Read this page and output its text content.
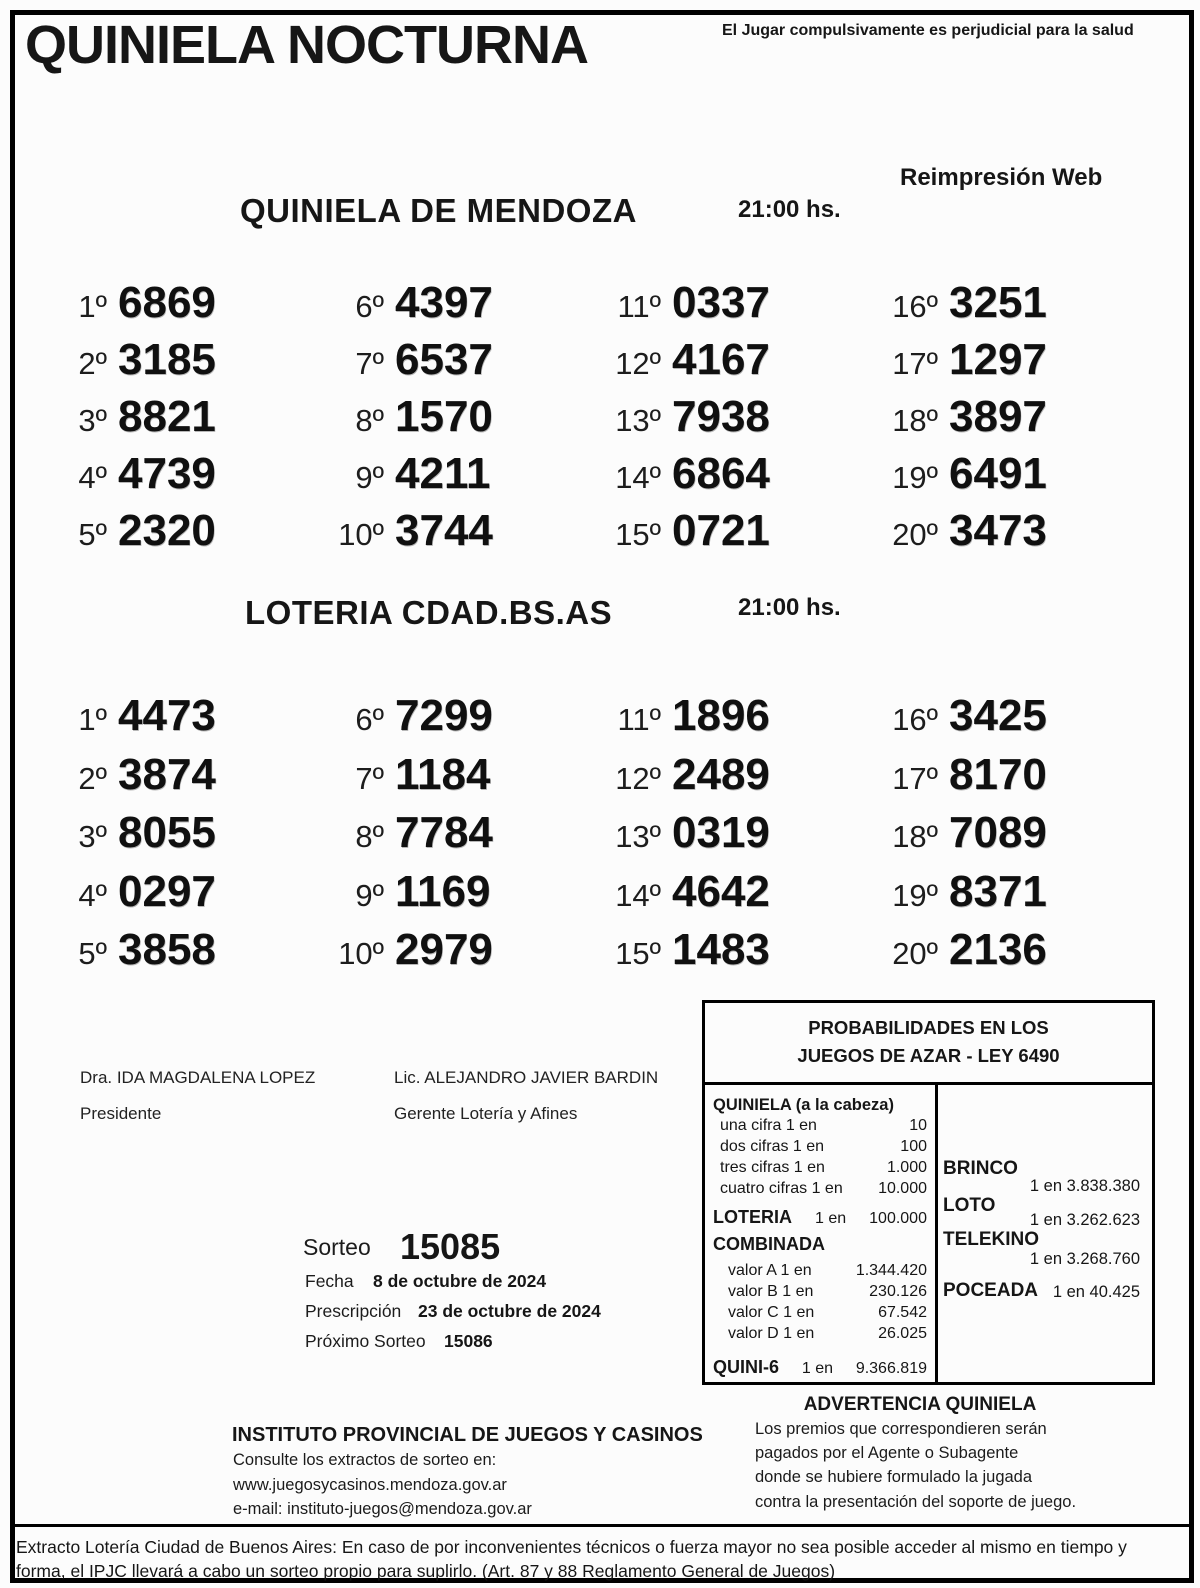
QUINIELA NOCTURNA	El Jugar compulsivamente es perjudicial para la salud
Reimpresión Web
QUINIELA DE MENDOZA	21:00 hs.
1º 6869
2º 3185
3º 8821
4º 4739
5º 2320
6º 4397
7º 6537
8º 1570
9º 4211
10º 3744
11º 0337
12º 4167
13º 7938
14º 6864
15º 0721
16º 3251
17º 1297
18º 3897
19º 6491
20º 3473
LOTERIA CDAD.BS.AS	21:00 hs.
1º 4473
2º 3874
3º 8055
4º 0297
5º 3858
6º 7299
7º 1184
8º 7784
9º 1169
10º 2979
11º 1896
12º 2489
13º 0319
14º 4642
15º 1483
16º 3425
17º 8170
18º 7089
19º 8371
20º 2136
Dra. IDA MAGDALENA LOPEZ
Presidente
Lic. ALEJANDRO JAVIER BARDIN
Gerente Lotería y Afines
Sorteo 15085
Fecha 8 de octubre de 2024
Prescripción 23 de octubre de 2024
Próximo Sorteo 15086
PROBABILIDADES EN LOS
JUEGOS DE AZAR - LEY 6490
QUINIELA (a la cabeza)
una cifra 1 en	10
dos cifras 1 en	100
tres cifras 1 en	1.000
cuatro cifras 1 en 10.000
LOTERIA 1 en 100.000
COMBINADA
valor A 1 en	1.344.420
valor B 1 en	230.126
valor C 1 en	67.542
valor D 1 en	26.025
QUINI-6 1 en 9.366.819
BRINCO
1 en 3.838.380
LOTO
1 en 3.262.623
TELEKINO
1 en 3.268.760
POCEADA 1 en 40.425
ADVERTENCIA QUINIELA
Los premios que correspondieren serán
pagados por el Agente o Subagente
donde se hubiere formulado la jugada
contra la presentación del soporte de juego.
INSTITUTO PROVINCIAL DE JUEGOS Y CASINOS
Consulte los extractos de sorteo en:
www.juegosycasinos.mendoza.gov.ar
e-mail: instituto-juegos@mendoza.gov.ar
Extracto Lotería Ciudad de Buenos Aires: En caso de por inconvenientes técnicos o fuerza mayor no sea posible acceder al mismo en tiempo y
forma, el IPJC llevará a cabo un sorteo propio para suplirlo. (Art. 87 y 88 Reglamento General de Juegos)
